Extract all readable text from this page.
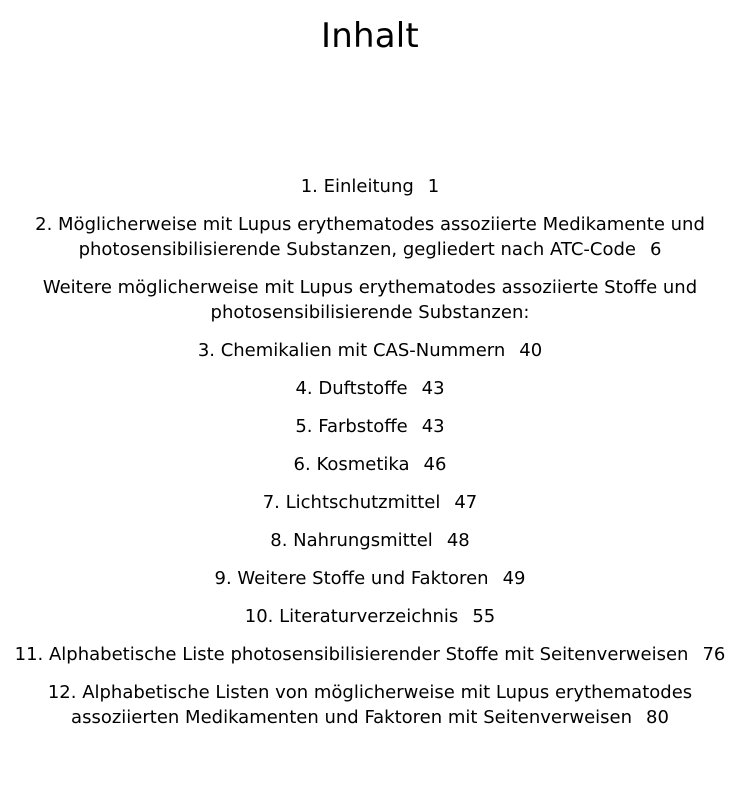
Inhalt
1. Einleitung 1
2. Möglicherweise mit Lupus erythematodes assoziierte Medikamente und photosensibilisierende Substanzen, gegliedert nach ATC-Code 6
Weitere möglicherweise mit Lupus erythematodes assoziierte Stoffe und photosensibilisierende Substanzen:
3. Chemikalien mit CAS-Nummern 40
4. Duftstoffe 43
5. Farbstoffe 43
6. Kosmetika 46
7. Lichtschutzmittel 47
8. Nahrungsmittel 48
9. Weitere Stoffe und Faktoren 49
10. Literaturverzeichnis 55
11. Alphabetische Liste photosensibilisierender Stoffe mit Seitenverweisen 76
12. Alphabetische Listen von möglicherweise mit Lupus erythematodes assoziierten Medikamenten und Faktoren mit Seitenverweisen 80
